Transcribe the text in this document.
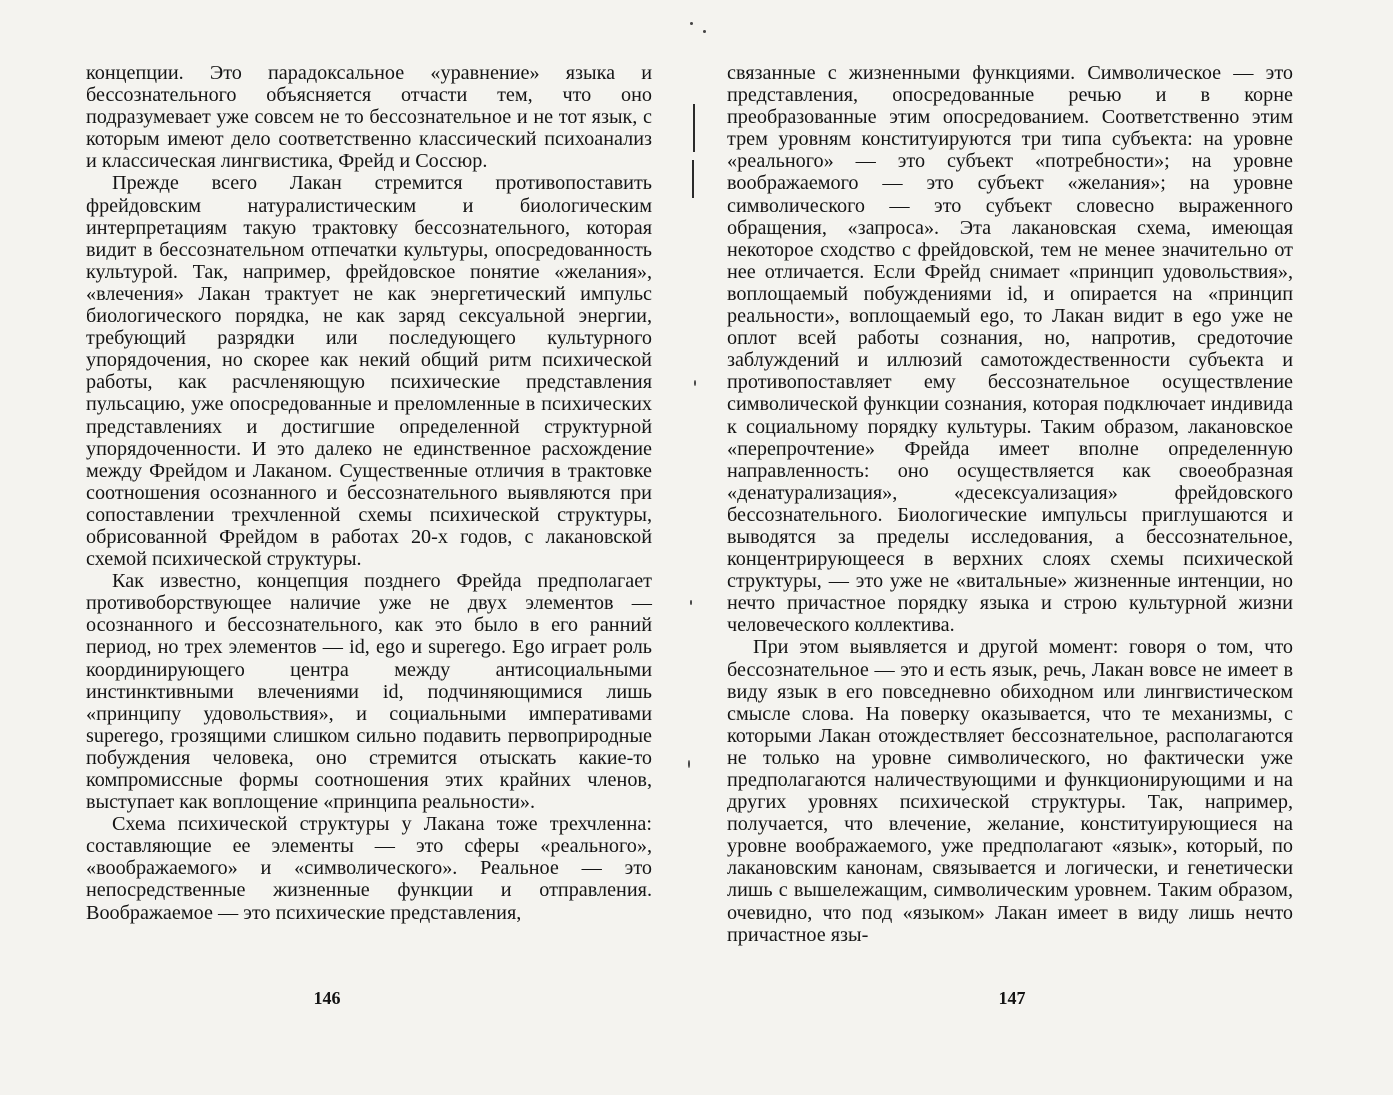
концепции. Это парадоксальное «уравнение» языка и бессознательного объясняется отчасти тем, что оно подразумевает уже совсем не то бессознательное и не тот язык, с которым имеют дело соответственно классический психоанализ и классическая лингвистика, Фрейд и Соссюр.

Прежде всего Лакан стремится противопоставить фрейдовским натуралистическим и биологическим интерпретациям такую трактовку бессознательного, которая видит в бессознательном отпечатки культуры, опосредованность культурой. Так, например, фрейдовское понятие «желания», «влечения» Лакан трактует не как энергетический импульс биологического порядка, не как заряд сексуальной энергии, требующий разрядки или последующего культурного упорядочения, но скорее как некий общий ритм психической работы, как расчленяющую психические представления пульсацию, уже опосредованные и преломленные в психических представлениях и достигшие определенной структурной упорядоченности. И это далеко не единственное расхождение между Фрейдом и Лаканом. Существенные отличия в трактовке соотношения осознанного и бессознательного выявляются при сопоставлении трехчленной схемы психической структуры, обрисованной Фрейдом в работах 20-х годов, с лакановской схемой психической структуры.

Как известно, концепция позднего Фрейда предполагает противоборствующее наличие уже не двух элементов — осознанного и бессознательного, как это было в его ранний период, но трех элементов — id, ego и superego. Ego играет роль координирующего центра между антисоциальными инстинктивными влечениями id, подчиняющимися лишь «принципу удовольствия», и социальными императивами superego, грозящими слишком сильно подавить первоприродные побуждения человека, оно стремится отыскать какие-то компромиссные формы соотношения этих крайних членов, выступает как воплощение «принципа реальности».

Схема психической структуры у Лакана тоже трехчленна: составляющие ее элементы — это сферы «реального», «воображаемого» и «символического». Реальное — это непосредственные жизненные функции и отправления. Воображаемое — это психические представления,

146

связанные с жизненными функциями. Символическое — это представления, опосредованные речью и в корне преобразованные этим опосредованием. Соответственно этим трем уровням конституируются три типа субъекта: на уровне «реального» — это субъект «потребности»; на уровне воображаемого — это субъект «желания»; на уровне символического — это субъект словесно выраженного обращения, «запроса». Эта лакановская схема, имеющая некоторое сходство с фрейдовской, тем не менее значительно от нее отличается. Если Фрейд снимает «принцип удовольствия», воплощаемый побуждениями id, и опирается на «принцип реальности», воплощаемый ego, то Лакан видит в ego уже не оплот всей работы сознания, но, напротив, средоточие заблуждений и иллюзий самотождественности субъекта и противопоставляет ему бессознательное осуществление символической функции сознания, которая подключает индивида к социальному порядку культуры. Таким образом, лакановское «перепрочтение» Фрейда имеет вполне определенную направленность: оно осуществляется как своеобразная «денатурализация», «десексуализация» фрейдовского бессознательного. Биологические импульсы приглушаются и выводятся за пределы исследования, а бессознательное, концентрирующееся в верхних слоях схемы психической структуры, — это уже не «витальные» жизненные интенции, но нечто причастное порядку языка и строю культурной жизни человеческого коллектива.

При этом выявляется и другой момент: говоря о том, что бессознательное — это и есть язык, речь, Лакан вовсе не имеет в виду язык в его повседневно обиходном или лингвистическом смысле слова. На поверку оказывается, что те механизмы, с которыми Лакан отождествляет бессознательное, располагаются не только на уровне символического, но фактически уже предполагаются наличествующими и функционирующими и на других уровнях психической структуры. Так, например, получается, что влечение, желание, конституирующиеся на уровне воображаемого, уже предполагают «язык», который, по лакановским канонам, связывается и логически, и генетически лишь с вышележащим, символическим уровнем. Таким образом, очевидно, что под «языком» Лакан имеет в виду лишь нечто причастное язы-

147
